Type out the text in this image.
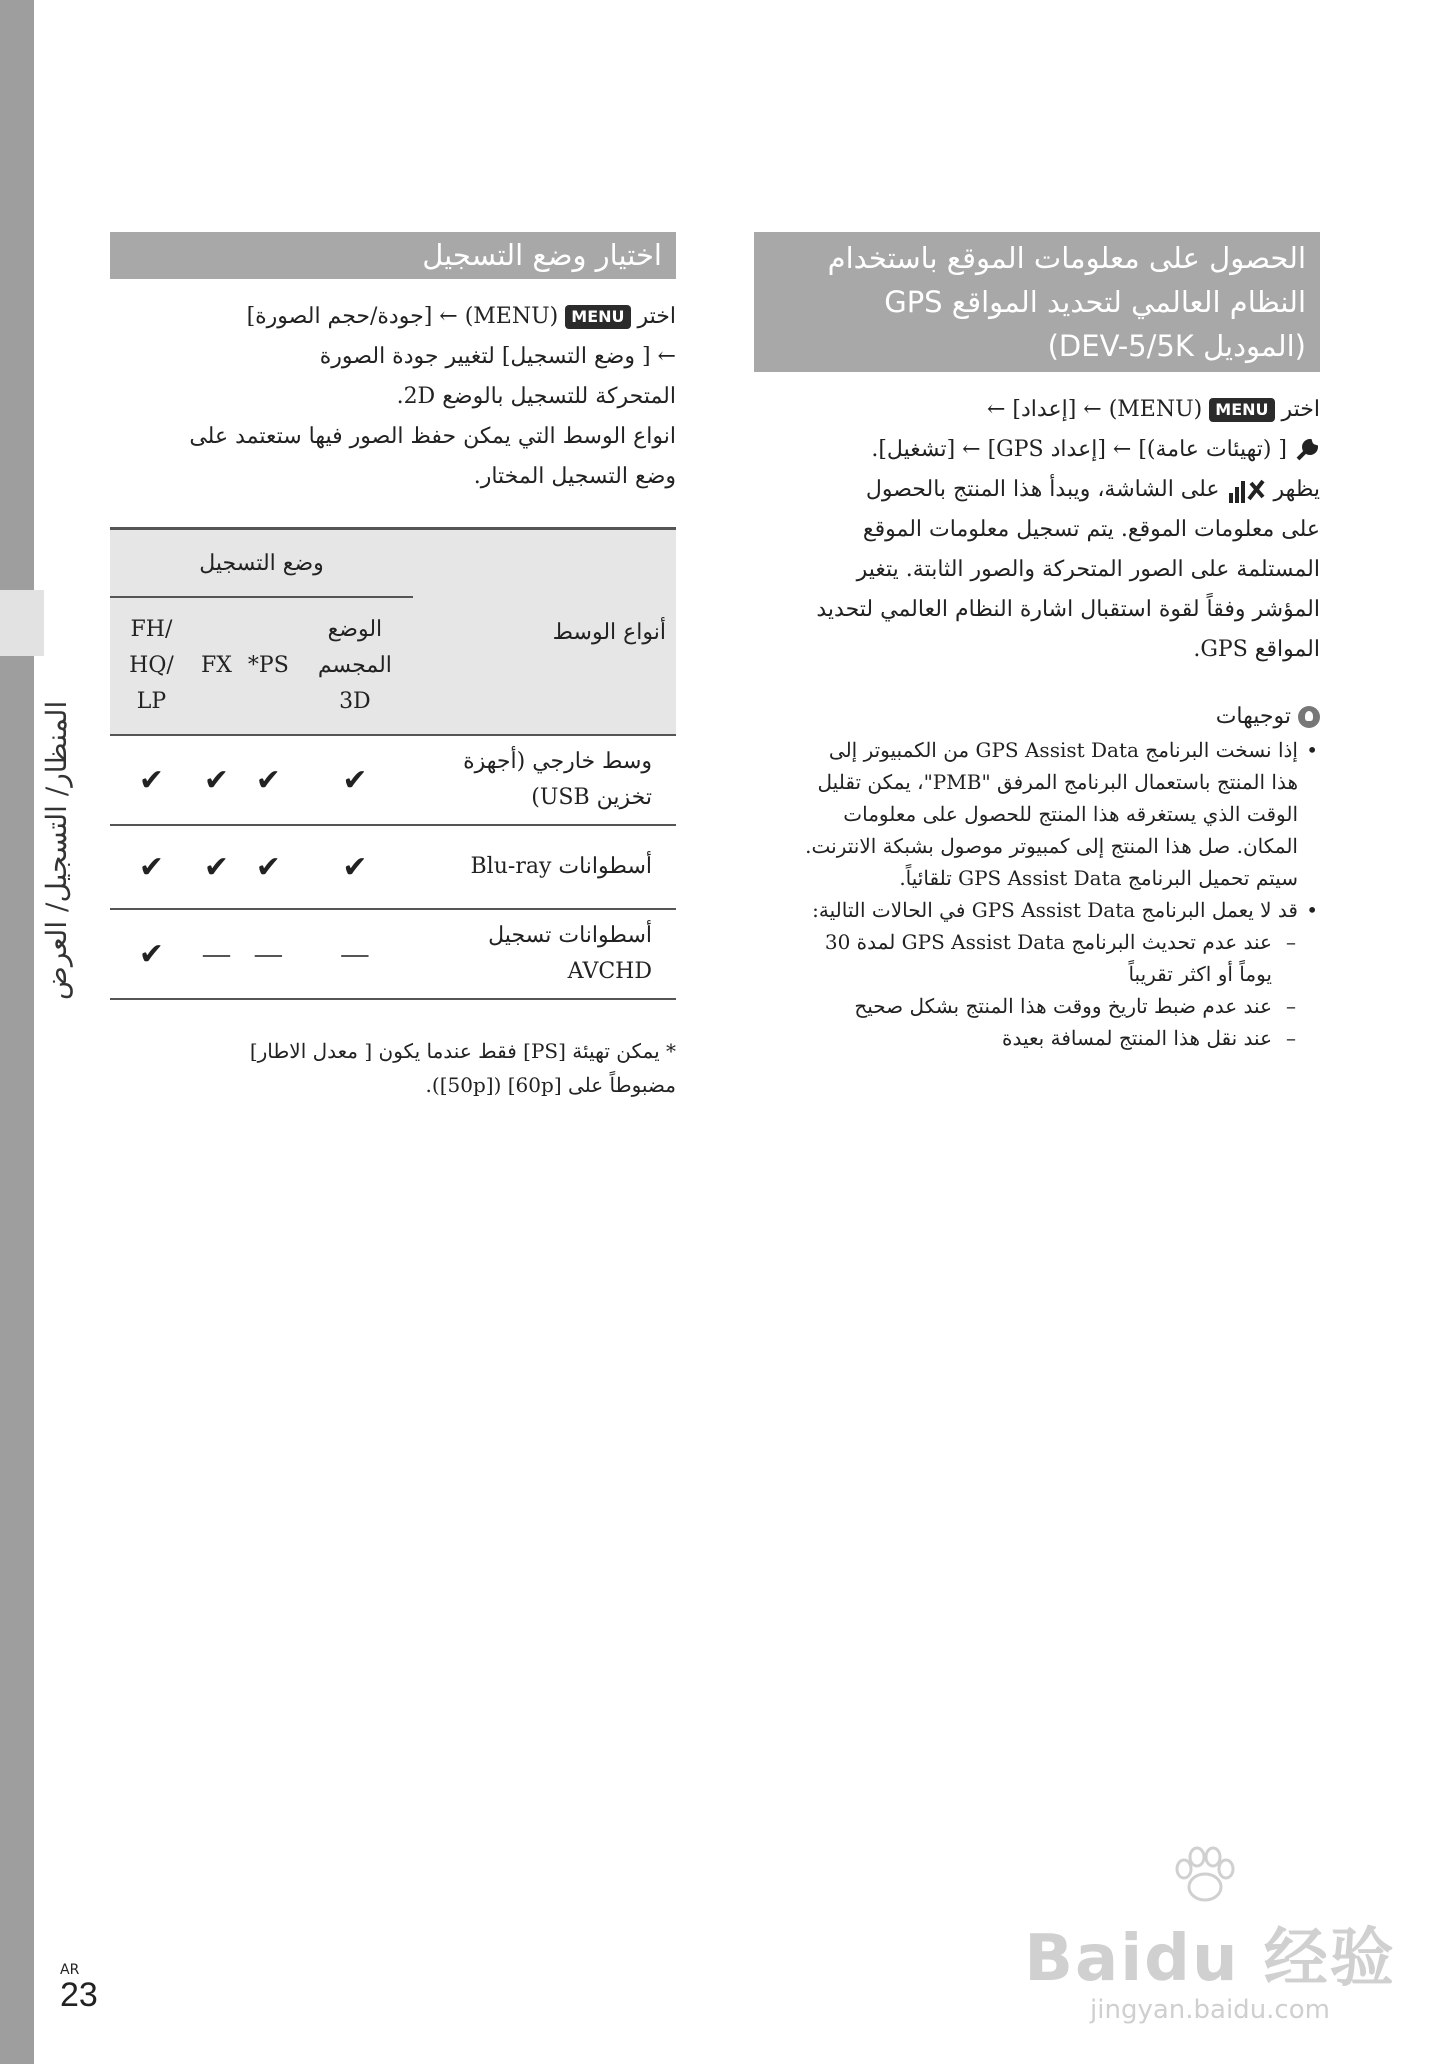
المنظار/ التسجيل/ العرض
اختيار وضع التسجيل

اختر MENU (MENU) ← [جودة/حجم الصورة]

← [ وضع التسجيل] لتغيير جودة الصورة

المتحركة للتسجيل بالوضع 2D.

انواع الوسط التي يمكن حفظ الصور فيها ستعتمد على

وضع التسجيل المختار.

أنواع الوسط	وضع التسجيل			
	الوضع المجسم 3D	PS*	FX	FH/ HQ/ LP
وسط خارجي (أجهزة تخزين USB)	✔	✔	✔	✔
أسطوانات Blu-ray	✔	✔	✔	✔
أسطوانات تسجيل AVCHD	—	—	—	✔
* يمكن تهيئة [PS] فقط عندما يكون [ معدل الاطار]
مضبوطاً على [60p] ([50p]).
الحصول على معلومات الموقع باستخدام
النظام العالمي لتحديد المواقع GPS
(الموديل DEV-5/5K)

اختر MENU (MENU) ← [إعداد] ←

[ (تهيئات عامة)] ← [إعداد GPS] ← [تشغيل].

يظهر  على الشاشة، ويبدأ هذا المنتج بالحصول

على معلومات الموقع. يتم تسجيل معلومات الموقع

المستلمة على الصور المتحركة والصور الثابتة. يتغير

المؤشر وفقاً لقوة استقبال اشارة النظام العالمي لتحديد

المواقع GPS.

توجيهات
• إذا نسخت البرنامج GPS Assist Data من الكمبيوتر إلى
هذا المنتج باستعمال البرنامج المرفق "PMB"، يمكن تقليل
الوقت الذي يستغرقه هذا المنتج للحصول على معلومات
المكان. صل هذا المنتج إلى كمبيوتر موصول بشبكة الانترنت.
سيتم تحميل البرنامج GPS Assist Data تلقائياً.
• قد لا يعمل البرنامج GPS Assist Data في الحالات التالية:
– عند عدم تحديث البرنامج GPS Assist Data لمدة 30
يوماً أو اكثر تقريباً
– عند عدم ضبط تاريخ ووقت هذا المنتج بشكل صحيح
– عند نقل هذا المنتج لمسافة بعيدة
AR
23	Baidu 经验
jingyan.baidu.com
